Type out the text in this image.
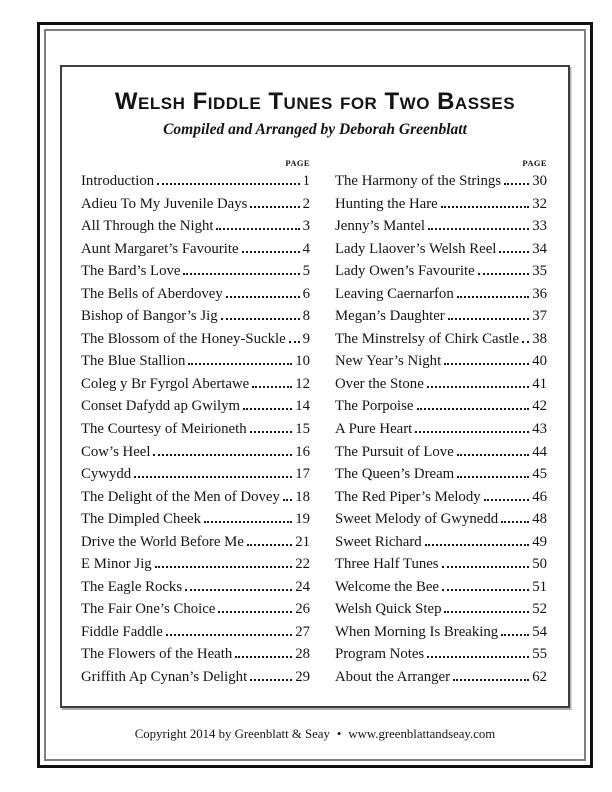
Welsh Fiddle Tunes for Two Basses
Compiled and Arranged by Deborah Greenblatt
PAGE
Introduction	1
Adieu To My Juvenile Days	2
All Through the Night	3
Aunt Margaret’s Favourite	4
The Bard’s Love	5
The Bells of Aberdovey	6
Bishop of Bangor’s Jig	8
The Blossom of the Honey-Suckle 9
The Blue Stallion	10
Coleg y Br Fyrgol Abertawe	12
Conset Dafydd ap Gwilym	14
The Courtesy of Meirioneth	15
Cow’s Heel	16
Cywydd	17
The Delight of the Men of Dovey 18
The Dimpled Cheek	19
Drive the World Before Me	21
E Minor Jig	22
The Eagle Rocks	24
The Fair One’s Choice	26
Fiddle Faddle	27
The Flowers of the Heath	28
Griffith Ap Cynan’s Delight	29
PAGE
The Harmony of the Strings 30
Hunting the Hare	32
Jenny’s Mantel	33
Lady Llaover’s Welsh Reel 34
Lady Owen’s Favourite	35
Leaving Caernarfon	36
Megan’s Daughter	37
The Minstrelsy of Chirk Castle 38
New Year’s Night	40
Over the Stone	41
The Porpoise	42
A Pure Heart	43
The Pursuit of Love	44
The Queen’s Dream	45
The Red Piper’s Melody	46
Sweet Melody of Gwynedd 48
Sweet Richard	49
Three Half Tunes	50
Welcome the Bee	51
Welsh Quick Step	52
When Morning Is Breaking 54
Program Notes	55
About the Arranger	62
Copyright 2014 by Greenblatt & Seay • www.greenblattandseay.com
